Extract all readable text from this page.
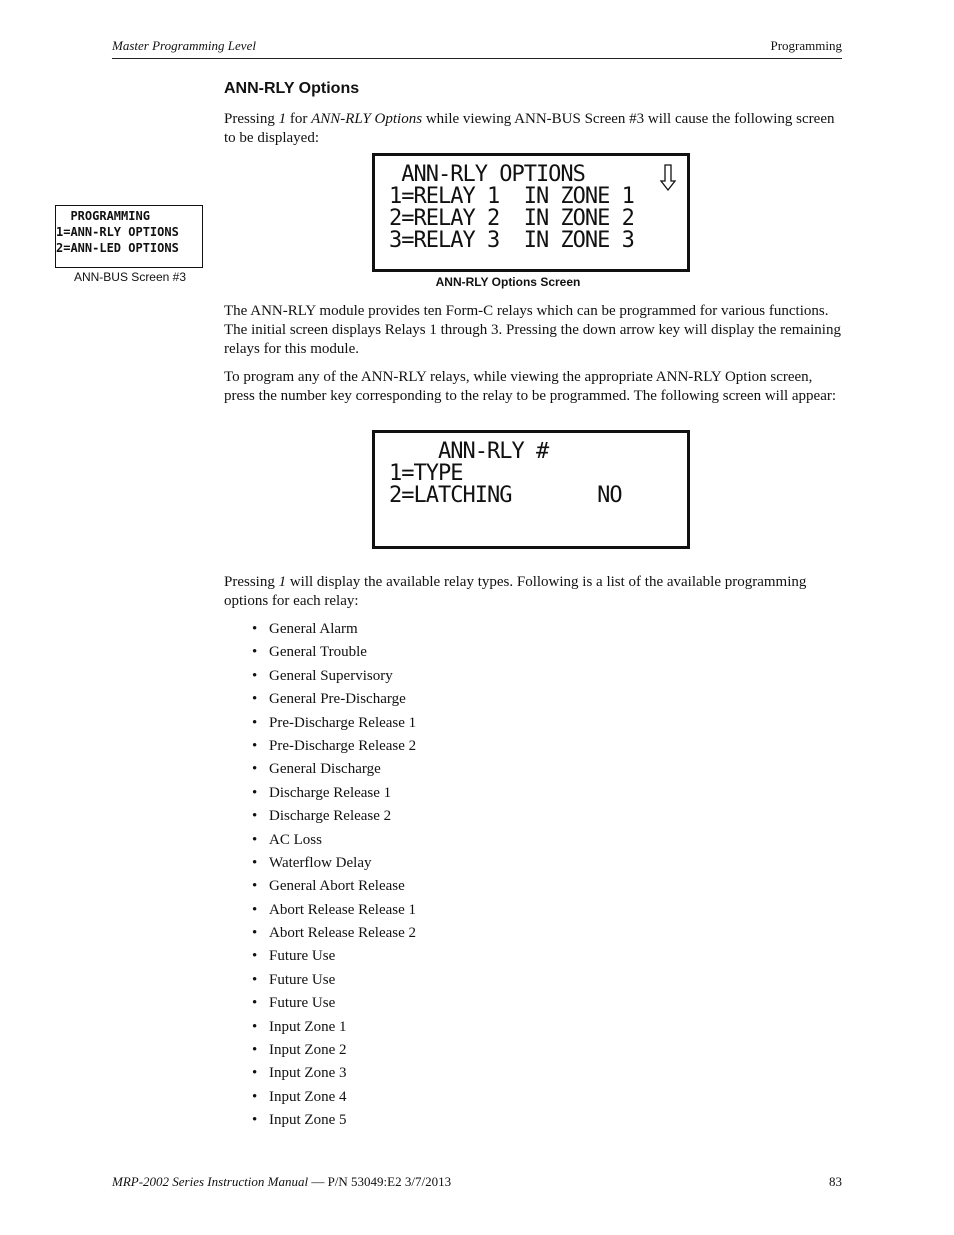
Master Programming Level	Programming
ANN-RLY Options
Pressing 1 for ANN-RLY Options while viewing ANN-BUS Screen #3 will cause the following screen to be displayed:
PROGRAMMING
1=ANN-RLY OPTIONS
2=ANN-LED OPTIONS
ANN-BUS Screen #3
ANN-RLY OPTIONS
1=RELAY 1  IN ZONE 1
2=RELAY 2  IN ZONE 2
3=RELAY 3  IN ZONE 3
ANN-RLY Options Screen
The ANN-RLY module provides ten Form-C relays which can be programmed for various functions. The initial screen displays Relays 1 through 3. Pressing the down arrow key will display the remaining relays for this module.
To program any of the ANN-RLY relays, while viewing the appropriate ANN-RLY Option screen, press the number key corresponding to the relay to be programmed. The following screen will appear:
ANN-RLY #
1=TYPE
2=LATCHING       NO
Pressing 1 will display the available relay types. Following is a list of the available programming options for each relay:
• General Alarm
• General Trouble
• General Supervisory
• General Pre-Discharge
• Pre-Discharge Release 1
• Pre-Discharge Release 2
• General Discharge
• Discharge Release 1
• Discharge Release 2
• AC Loss
• Waterflow Delay
• General Abort Release
• Abort Release Release 1
• Abort Release Release 2
• Future Use
• Future Use
• Future Use
• Input Zone 1
• Input Zone 2
• Input Zone 3
• Input Zone 4
• Input Zone 5
MRP-2002 Series Instruction Manual — P/N 53049:E2 3/7/2013	83
